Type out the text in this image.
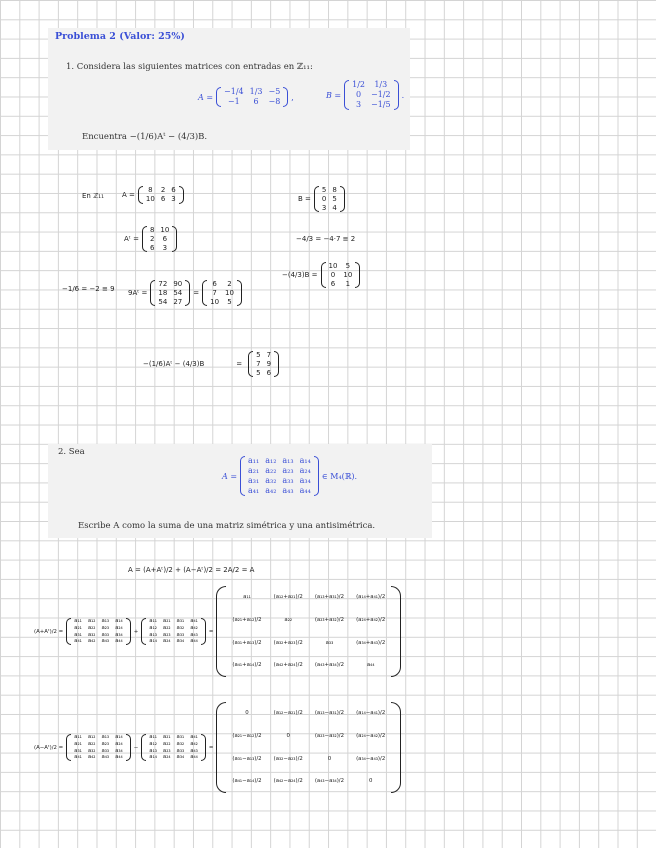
Problema 2 (Valor: 25%)
1. Considera las siguientes matrices con entradas en ℤ₁₁:
A =
−1/4	1/3	−5
−1	6	−8 ,	B =
1/2	1/3
0	−1/2
3	−1/5
.
Encuentra −(1/6)Aᵗ − (4/3)B.
En ℤ₁₁	A =
8	2	6
10	6	3	B =
5	8
0	5
3	4
Aᵗ =
8	10
2	6
6	3
−4/3 = −4·7 ≡ 2
−1/6 = −2 ≡ 9
9Aᵗ =
72	90
18	54
54	27
=
6	2
7	10
10	5
−(4/3)B =
10	5
0	10
6	1
−(1/6)Aᵗ − (4/3)B	=
5	7
7	9
5	6
2. Sea
A =
a₁₁	a₁₂	a₁₃	a₁₄
a₂₁	a₂₂	a₂₃	a₂₄
a₃₁	a₃₂	a₃₃	a₃₄
a₄₁	a₄₂	a₄₃	a₄₄
∈ M₄(ℝ).
Escribe A como la suma de una matriz simétrica y una antisimétrica.
A = (A+Aᵗ)/2 + (A−Aᵗ)/2 = 2A/2 = A
(A+Aᵗ)/2 =
a₁₁	a₁₂	a₁₃	a₁₄
a₂₁	a₂₂	a₂₃	a₂₄
a₃₁	a₃₂	a₃₃	a₃₄
a₄₁	a₄₂	a₄₃	a₄₄
+
a₁₁	a₂₁	a₃₁	a₄₁
a₁₂	a₂₂	a₃₂	a₄₂
a₁₃	a₂₃	a₃₃	a₄₃
a₁₄	a₂₄	a₃₄	a₄₄
=
a₁₁	(a₁₂+a₂₁)/2	(a₁₃+a₃₁)/2	(a₁₄+a₄₁)/2
(a₂₁+a₁₂)/2	a₂₂	(a₂₃+a₃₂)/2	(a₂₄+a₄₂)/2
(a₃₁+a₁₃)/2	(a₃₂+a₂₃)/2	a₃₃	(a₃₄+a₄₃)/2
(a₄₁+a₁₄)/2	(a₄₂+a₂₄)/2	(a₄₃+a₃₄)/2	a₄₄
(A−Aᵗ)/2 =
a₁₁	a₁₂	a₁₃	a₁₄
a₂₁	a₂₂	a₂₃	a₂₄
a₃₁	a₃₂	a₃₃	a₃₄
a₄₁	a₄₂	a₄₃	a₄₄
−
a₁₁	a₂₁	a₃₁	a₄₁
a₁₂	a₂₂	a₃₂	a₄₂
a₁₃	a₂₃	a₃₃	a₄₃
a₁₄	a₂₄	a₃₄	a₄₄
=
0	(a₁₂−a₂₁)/2	(a₁₃−a₃₁)/2	(a₁₄−a₄₁)/2
(a₂₁−a₁₂)/2	0	(a₂₃−a₃₂)/2	(a₂₄−a₄₂)/2
(a₃₁−a₁₃)/2	(a₃₂−a₂₃)/2	0	(a₃₄−a₄₃)/2
(a₄₁−a₁₄)/2	(a₄₂−a₂₄)/2	(a₄₃−a₃₄)/2	0
